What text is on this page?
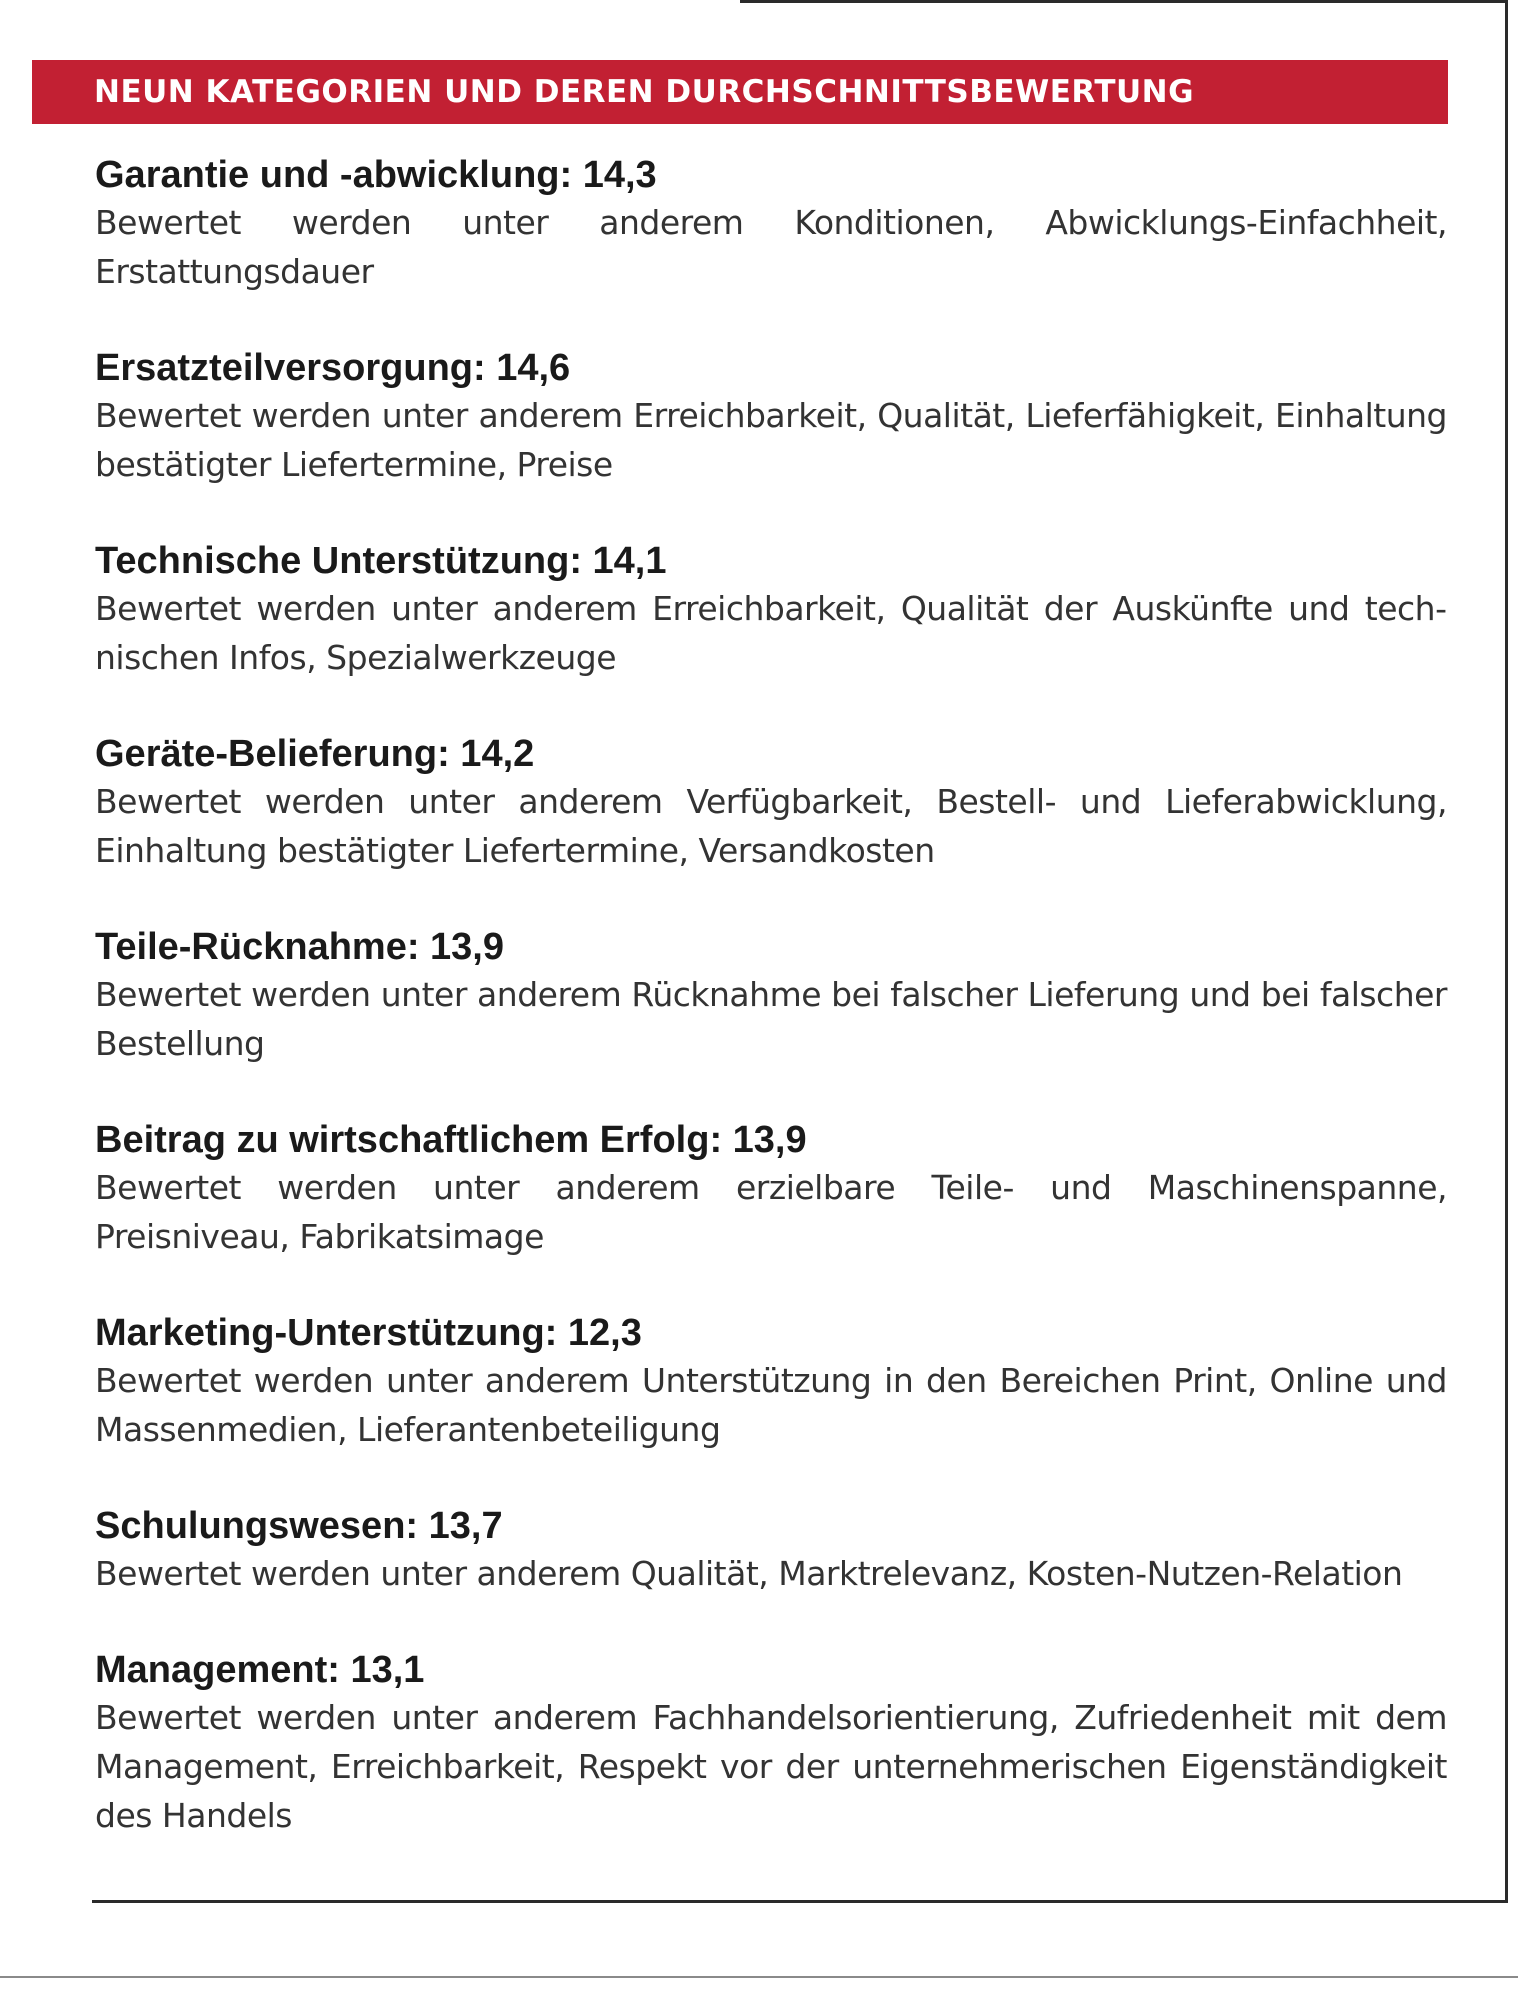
NEUN KATEGORIEN UND DEREN DURCHSCHNITTSBEWERTUNG
Garantie und -abwicklung: 14,3
Bewertet werden unter anderem Konditionen, Abwicklungs-Einfachheit, Erstattungsdauer
Ersatzteilversorgung: 14,6
Bewertet werden unter anderem Erreichbarkeit, Qualität, Lieferfähigkeit, Einhaltung bestätigter Liefertermine, Preise
Technische Unterstützung: 14,1
Bewertet werden unter anderem Erreichbarkeit, Qualität der Auskünfte und technischen Infos, Spezialwerkzeuge
Geräte-Belieferung: 14,2
Bewertet werden unter anderem Verfügbarkeit, Bestell- und Lieferabwicklung, Einhaltung bestätigter Liefertermine, Versandkosten
Teile-Rücknahme: 13,9
Bewertet werden unter anderem Rücknahme bei falscher Lieferung und bei falscher Bestellung
Beitrag zu wirtschaftlichem Erfolg: 13,9
Bewertet werden unter anderem erzielbare Teile- und Maschinenspanne, Preisniveau, Fabrikatsimage
Marketing-Unterstützung: 12,3
Bewertet werden unter anderem Unterstützung in den Bereichen Print, Online und Massenmedien, Lieferantenbeteiligung
Schulungswesen: 13,7
Bewertet werden unter anderem Qualität, Marktrelevanz, Kosten-Nutzen-Relation
Management: 13,1
Bewertet werden unter anderem Fachhandelsorientierung, Zufriedenheit mit dem Management, Erreichbarkeit, Respekt vor der unternehmerischen Eigenständigkeit des Handels
